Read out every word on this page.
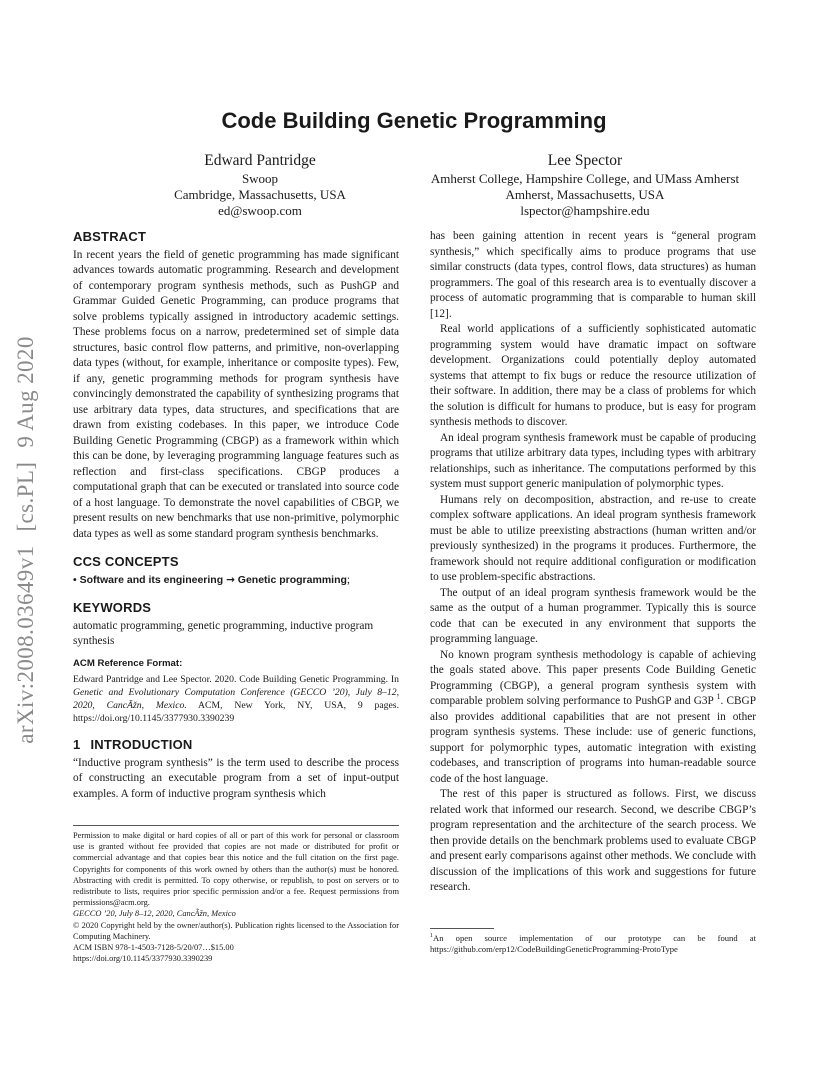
arXiv:2008.03649v1[cs.PL]9 Aug 2020
Code Building Genetic Programming
Edward Pantridge
Swoop
Cambridge, Massachusetts, USA
ed@swoop.com
Lee Spector
Amherst College, Hampshire College, and UMass Amherst
Amherst, Massachusetts, USA
lspector@hampshire.edu
ABSTRACT

In recent years the field of genetic programming has made significant advances towards automatic programming. Research and development of contemporary program synthesis methods, such as PushGP and Grammar Guided Genetic Programming, can produce programs that solve problems typically assigned in introductory academic settings. These problems focus on a narrow, predetermined set of simple data structures, basic control flow patterns, and primitive, non-overlapping data types (without, for example, inheritance or composite types). Few, if any, genetic programming methods for program synthesis have convincingly demonstrated the capability of synthesizing programs that use arbitrary data types, data structures, and specifications that are drawn from existing codebases. In this paper, we introduce Code Building Genetic Programming (CBGP) as a framework within which this can be done, by leveraging programming language features such as reflection and first-class specifications. CBGP produces a computational graph that can be executed or translated into source code of a host language. To demonstrate the novel capabilities of CBGP, we present results on new benchmarks that use non-primitive, polymorphic data types as well as some standard program synthesis benchmarks.

CCS CONCEPTS

• Software and its engineering → Genetic programming;

KEYWORDS

automatic programming, genetic programming, inductive program synthesis

ACM Reference Format:

Edward Pantridge and Lee Spector. 2020. Code Building Genetic Programming. In Genetic and Evolutionary Computation Conference (GECCO ’20), July 8–12, 2020, CancÃžn, Mexico. ACM, New York, NY, USA, 9 pages. https://doi.org/10.1145/3377930.3390239

1 INTRODUCTION

“Inductive program synthesis” is the term used to describe the process of constructing an executable program from a set of input-output examples. A form of inductive program synthesis which

Permission to make digital or hard copies of all or part of this work for personal or classroom use is granted without fee provided that copies are not made or distributed for profit or commercial advantage and that copies bear this notice and the full citation on the first page. Copyrights for components of this work owned by others than the author(s) must be honored. Abstracting with credit is permitted. To copy otherwise, or republish, to post on servers or to redistribute to lists, requires prior specific permission and/or a fee. Request permissions from permissions@acm.org.

GECCO ’20, July 8–12, 2020, CancÃžn, Mexico

© 2020 Copyright held by the owner/author(s). Publication rights licensed to the Association for Computing Machinery.

ACM ISBN 978-1-4503-7128-5/20/07…$15.00

https://doi.org/10.1145/3377930.3390239

has been gaining attention in recent years is “general program synthesis,” which specifically aims to produce programs that use similar constructs (data types, control flows, data structures) as human programmers. The goal of this research area is to eventually discover a process of automatic programming that is comparable to human skill [12].

Real world applications of a sufficiently sophisticated automatic programming system would have dramatic impact on software development. Organizations could potentially deploy automated systems that attempt to fix bugs or reduce the resource utilization of their software. In addition, there may be a class of problems for which the solution is difficult for humans to produce, but is easy for program synthesis methods to discover.

An ideal program synthesis framework must be capable of producing programs that utilize arbitrary data types, including types with arbitrary relationships, such as inheritance. The computations performed by this system must support generic manipulation of polymorphic types.

Humans rely on decomposition, abstraction, and re-use to create complex software applications. An ideal program synthesis framework must be able to utilize preexisting abstractions (human written and/or previously synthesized) in the programs it produces. Furthermore, the framework should not require additional configuration or modification to use problem-specific abstractions.

The output of an ideal program synthesis framework would be the same as the output of a human programmer. Typically this is source code that can be executed in any environment that supports the programming language.

No known program synthesis methodology is capable of achieving the goals stated above. This paper presents Code Building Genetic Programming (CBGP), a general program synthesis system with comparable problem solving performance to PushGP and G3P $^1$. CBGP also provides additional capabilities that are not present in other program synthesis systems. These include: use of generic functions, support for polymorphic types, automatic integration with existing codebases, and transcription of programs into human-readable source code of the host language.

The rest of this paper is structured as follows. First, we discuss related work that informed our research. Second, we describe CBGP’s program representation and the architecture of the search process. We then provide details on the benchmark problems used to evaluate CBGP and present early comparisons against other methods. We conclude with discussion of the implications of this work and suggestions for future research.

$^1$An open source implementation of our prototype can be found at https://github.com/erp12/CodeBuildingGeneticProgramming-ProtoType
